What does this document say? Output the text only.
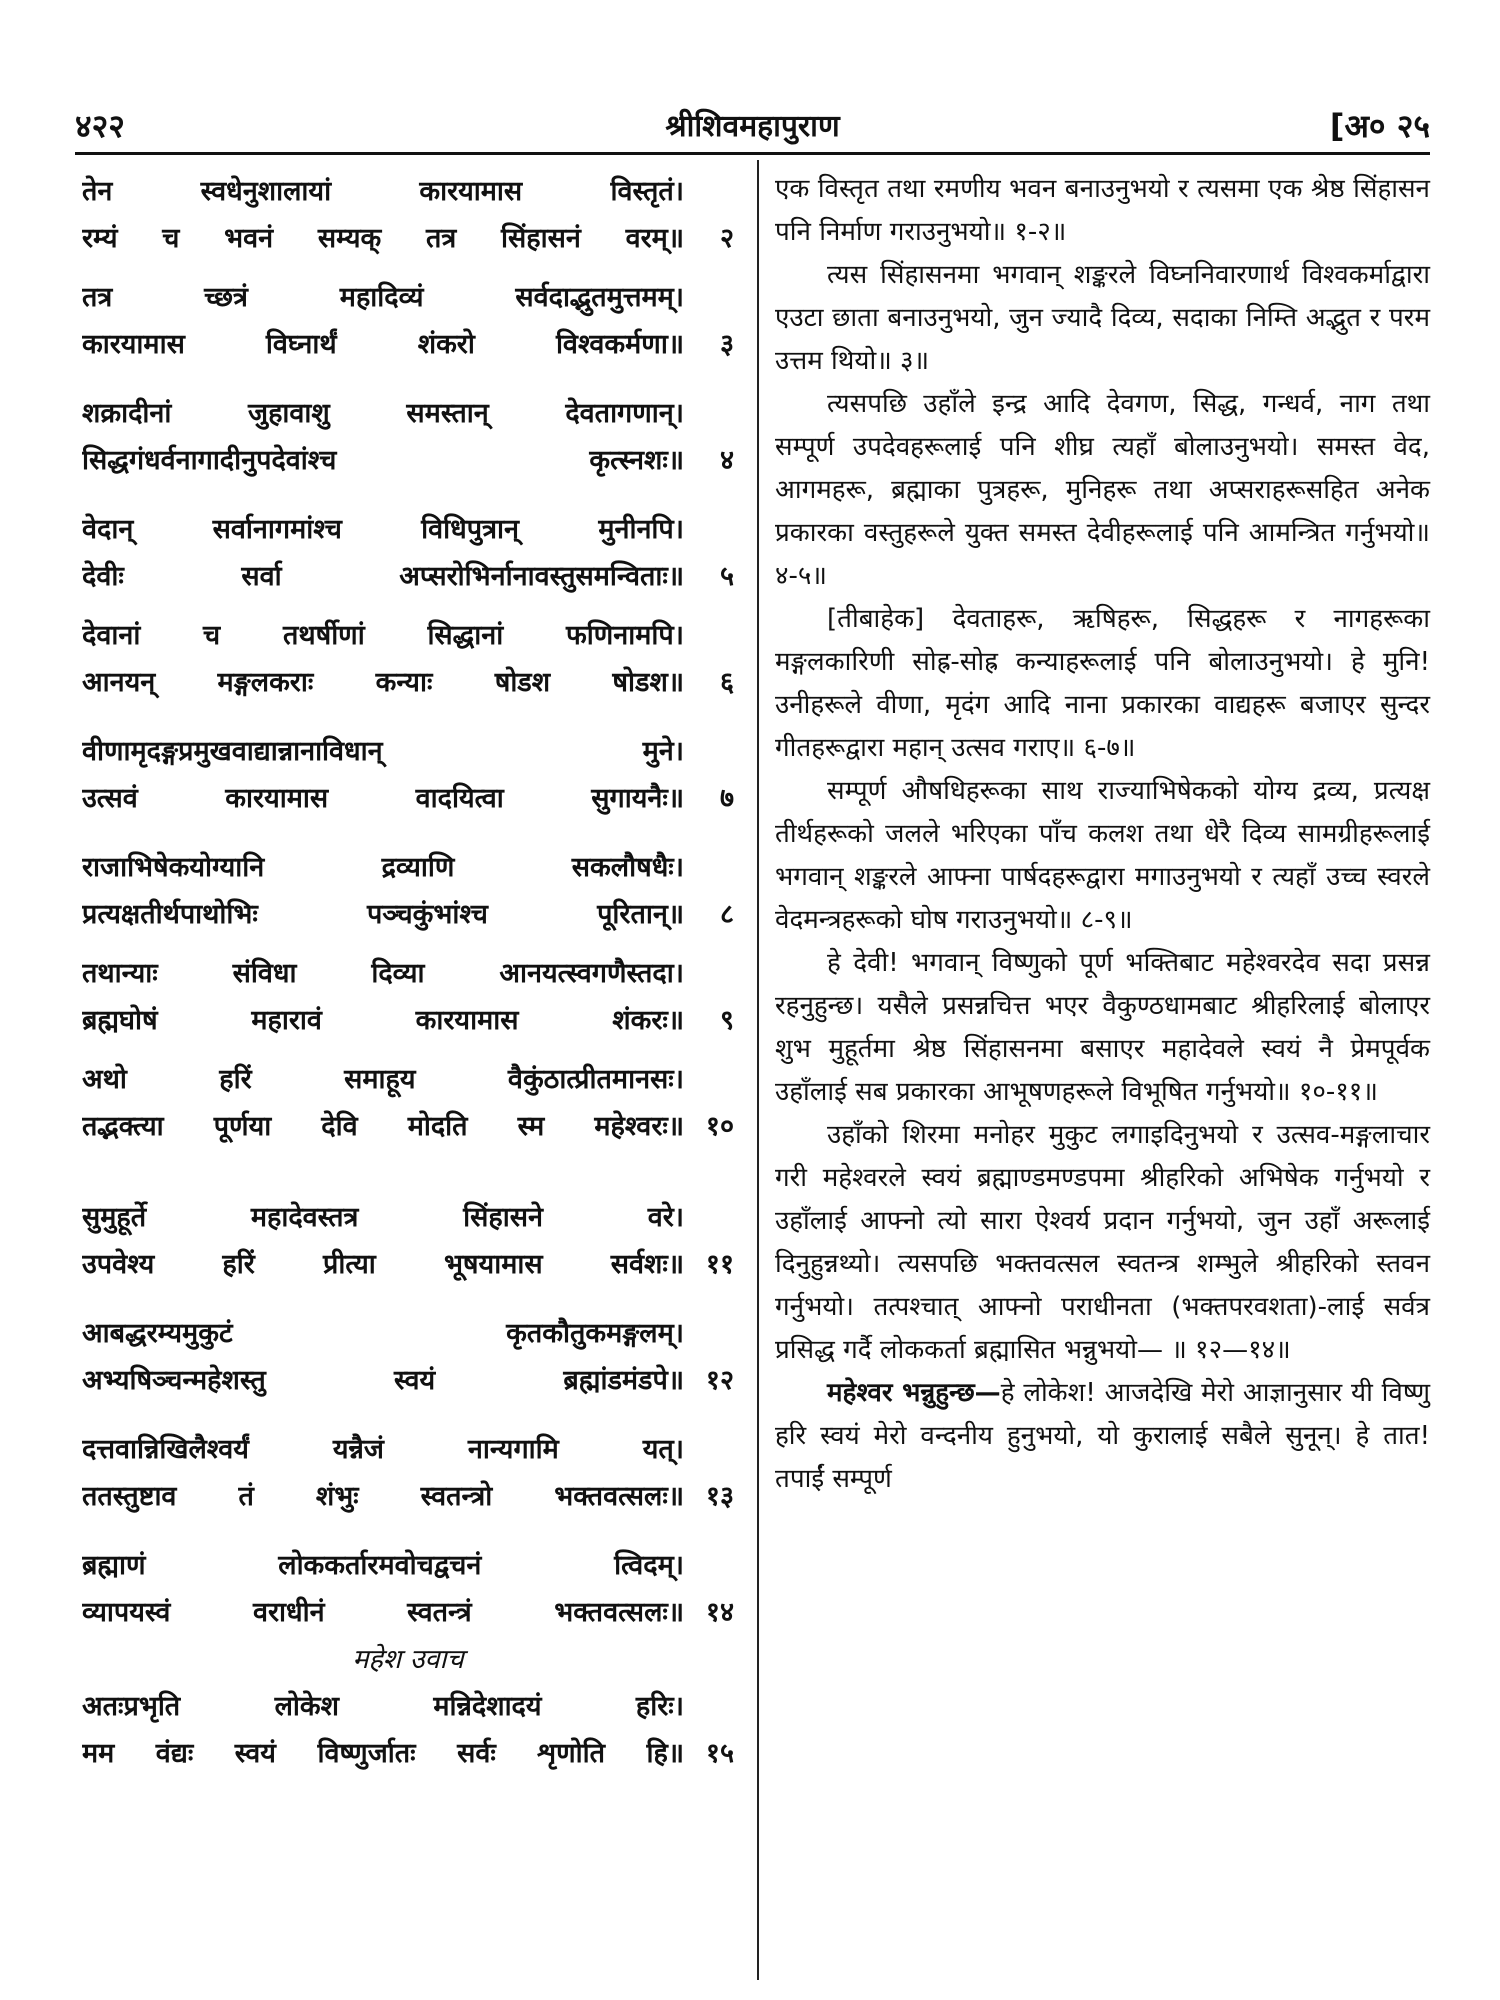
४२२	श्रीशिवमहापुराण	[अ० २५
तेन स्वधेनुशालायां कारयामास विस्तृतं।
रम्यं च भवनं सम्यक् तत्र सिंहासनं वरम्॥	२
तत्र च्छत्रं महादिव्यं सर्वदाद्भुतमुत्तमम्।
कारयामास विघ्नार्थं शंकरो विश्वकर्मणा॥	३
शक्रादीनां जुहावाशु समस्तान् देवतागणान्।
सिद्धगंधर्वनागादीनुपदेवांश्च कृत्स्नशः॥	४
वेदान् सर्वानागमांश्च विधिपुत्रान् मुनीनपि।
देवीः सर्वा अप्सरोभिर्नानावस्तुसमन्विताः॥	५
देवानां च तथर्षीणां सिद्धानां फणिनामपि।
आनयन् मङ्गलकराः कन्याः षोडश षोडश॥	६
वीणामृदङ्गप्रमुखवाद्यान्नानाविधान् मुने।
उत्सवं कारयामास वादयित्वा सुगायनैः॥	७
राजाभिषेकयोग्यानि द्रव्याणि सकलौषधैः।
प्रत्यक्षतीर्थपाथोभिः पञ्चकुंभांश्च पूरितान्॥	८
तथान्याः संविधा दिव्या आनयत्स्वगणैस्तदा।
ब्रह्मघोषं महारावं कारयामास शंकरः॥	९
अथो हरिं समाहूय वैकुंठात्प्रीतमानसः।
तद्भक्त्या पूर्णया देवि मोदति स्म महेश्वरः॥ १०
सुमुहूर्ते महादेवस्तत्र सिंहासने वरे।
उपवेश्य हरिं प्रीत्या भूषयामास सर्वशः॥ ११
आबद्धरम्यमुकुटं कृतकौतुकमङ्गलम्।
अभ्यषिञ्चन्महेशस्तु स्वयं ब्रह्मांडमंडपे॥ १२
दत्तवान्निखिलैश्वर्यं यन्नैजं नान्यगामि यत्।
ततस्तुष्टाव तं शंभुः स्वतन्त्रो भक्तवत्सलः॥ १३
ब्रह्माणं लोककर्तारमवोचद्वचनं त्विदम्।
व्यापयस्वं वराधीनं स्वतन्त्रं भक्तवत्सलः॥ १४
महेश उवाच
अतःप्रभृति लोकेश मन्निदेशादयं हरिः।
मम वंद्यः स्वयं विष्णुर्जातः सर्वः शृणोति हि॥ १५

एक विस्तृत तथा रमणीय भवन बनाउनुभयो र त्यसमा एक श्रेष्ठ सिंहासन पनि निर्माण गराउनुभयो॥ १-२॥

त्यस सिंहासनमा भगवान् शङ्करले विघ्ननिवारणार्थ विश्वकर्माद्वारा एउटा छाता बनाउनुभयो, जुन ज्यादै दिव्य, सदाका निम्ति अद्भुत र परम उत्तम थियो॥ ३॥

त्यसपछि उहाँले इन्द्र आदि देवगण, सिद्ध, गन्धर्व, नाग तथा सम्पूर्ण उपदेवहरूलाई पनि शीघ्र त्यहाँ बोलाउनुभयो। समस्त वेद, आगमहरू, ब्रह्माका पुत्रहरू, मुनिहरू तथा अप्सराहरूसहित अनेक प्रकारका वस्तुहरूले युक्त समस्त देवीहरूलाई पनि आमन्त्रित गर्नुभयो॥ ४-५॥

[तीबाहेक] देवताहरू, ऋषिहरू, सिद्धहरू र नागहरूका मङ्गलकारिणी सोह्र-सोह्र कन्याहरूलाई पनि बोलाउनुभयो। हे मुनि! उनीहरूले वीणा, मृदंग आदि नाना प्रकारका वाद्यहरू बजाएर सुन्दर गीतहरूद्वारा महान् उत्सव गराए॥ ६-७॥

सम्पूर्ण औषधिहरूका साथ राज्याभिषेकको योग्य द्रव्य, प्रत्यक्ष तीर्थहरूको जलले भरिएका पाँच कलश तथा धेरै दिव्य सामग्रीहरूलाई भगवान् शङ्करले आफ्ना पार्षदहरूद्वारा मगाउनुभयो र त्यहाँ उच्च स्वरले वेदमन्त्रहरूको घोष गराउनुभयो॥ ८-९॥

हे देवी! भगवान् विष्णुको पूर्ण भक्तिबाट महेश्वरदेव सदा प्रसन्न रहनुहुन्छ। यसैले प्रसन्नचित्त भएर वैकुण्ठधामबाट श्रीहरिलाई बोलाएर शुभ मुहूर्तमा श्रेष्ठ सिंहासनमा बसाएर महादेवले स्वयं नै प्रेमपूर्वक उहाँलाई सब प्रकारका आभूषणहरूले विभूषित गर्नुभयो॥ १०-११॥

उहाँको शिरमा मनोहर मुकुट लगाइदिनुभयो र उत्सव-मङ्गलाचार गरी महेश्वरले स्वयं ब्रह्माण्डमण्डपमा श्रीहरिको अभिषेक गर्नुभयो र उहाँलाई आफ्नो त्यो सारा ऐश्वर्य प्रदान गर्नुभयो, जुन उहाँ अरूलाई दिनुहुन्नथ्यो। त्यसपछि भक्तवत्सल स्वतन्त्र शम्भुले श्रीहरिको स्तवन गर्नुभयो। तत्पश्चात् आफ्नो पराधीनता (भक्तपरवशता)-लाई सर्वत्र प्रसिद्ध गर्दै लोककर्ता ब्रह्मासित भन्नुभयो— ॥ १२—१४॥

महेश्वर भन्नुहुन्छ—हे लोकेश! आजदेखि मेरो आज्ञानुसार यी विष्णु हरि स्वयं मेरो वन्दनीय हुनुभयो, यो कुरालाई सबैले सुनून्। हे तात! तपाईं सम्पूर्ण
